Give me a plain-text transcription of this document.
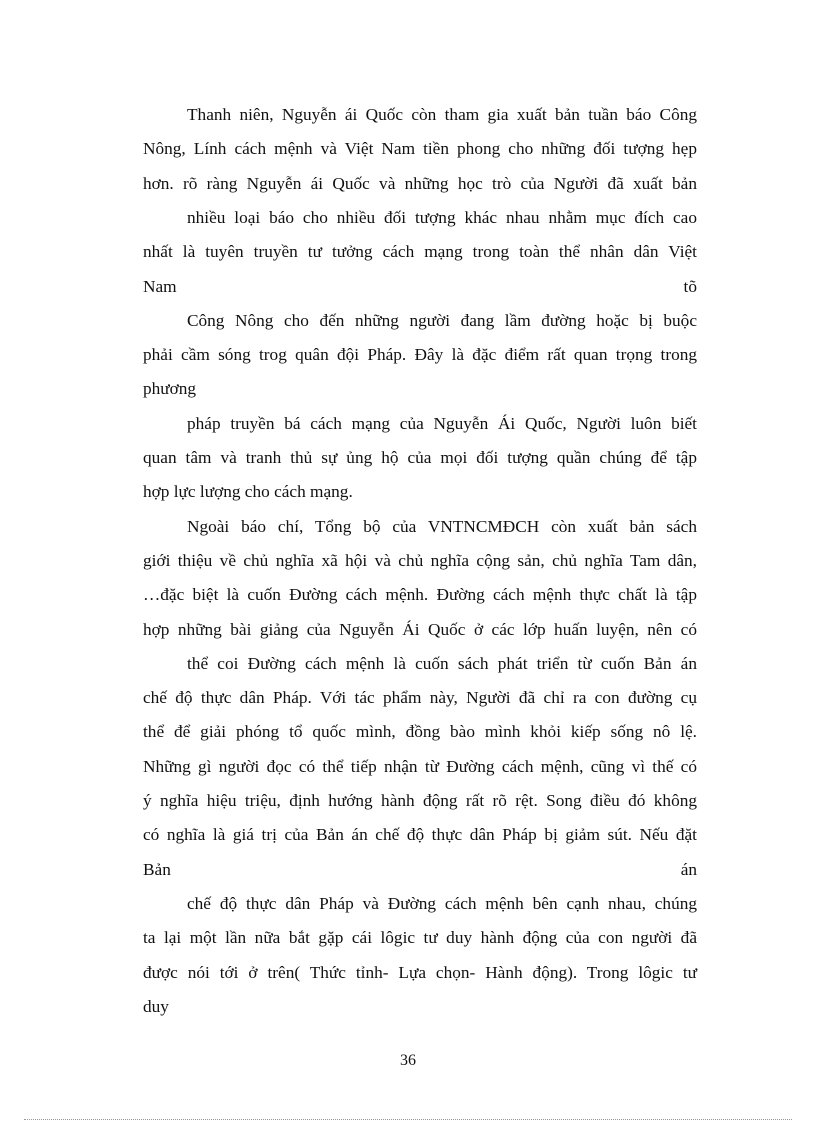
Thanh niên, Nguyễn ái Quốc còn tham gia xuất bản tuần báo Công
Nông, Lính cách mệnh và Việt Nam tiền phong cho những đối tượng hẹp
hơn. rõ ràng Nguyễn ái Quốc và những học trò của Người đã xuất bản
nhiều loại báo cho nhiều đối tượng khác nhau nhằm mục đích cao
nhất là tuyên truyền tư tưởng cách mạng trong toàn thể nhân dân Việt
Nam tõ
Công Nông cho đến những người đang lầm đường hoặc bị buộc
phải cầm sóng trog quân đội Pháp. Đây là đặc điểm rất quan trọng trong
phương
pháp truyền bá cách mạng của Nguyễn Ái Quốc, Người luôn biết
quan tâm và tranh thủ sự ủng hộ của mọi đối tượng quần chúng để tập
hợp lực lượng cho cách mạng.
Ngoài báo chí, Tổng bộ của VNTNCMĐCH còn xuất bản sách
giới thiệu về chủ nghĩa xã hội và chủ nghĩa cộng sản, chủ nghĩa Tam dân,
…đặc biệt là cuốn Đường cách mệnh. Đường cách mệnh thực chất là tập
hợp những bài giảng của Nguyễn Ái Quốc ở các lớp huấn luyện, nên có
thể coi Đường cách mệnh là cuốn sách phát triển từ cuốn Bản án
chế độ thực dân Pháp. Với tác phẩm này, Người đã chỉ ra con đường cụ
thể để giải phóng tổ quốc mình, đồng bào mình khỏi kiếp sống nô lệ.
Những gì người đọc có thể tiếp nhận từ Đường cách mệnh, cũng vì thế có
ý nghĩa hiệu triệu, định hướng hành động rất rõ rệt. Song điều đó không
có nghĩa là giá trị của Bản án chế độ thực dân Pháp bị giảm sút. Nếu đặt
Bản án
chế độ thực dân Pháp và Đường cách mệnh bên cạnh nhau, chúng
ta lại một lần nữa bắt gặp cái lôgic tư duy hành động của con người đã
được nói tới ở trên( Thức tỉnh- Lựa chọn- Hành động). Trong lôgic tư
duy
36
